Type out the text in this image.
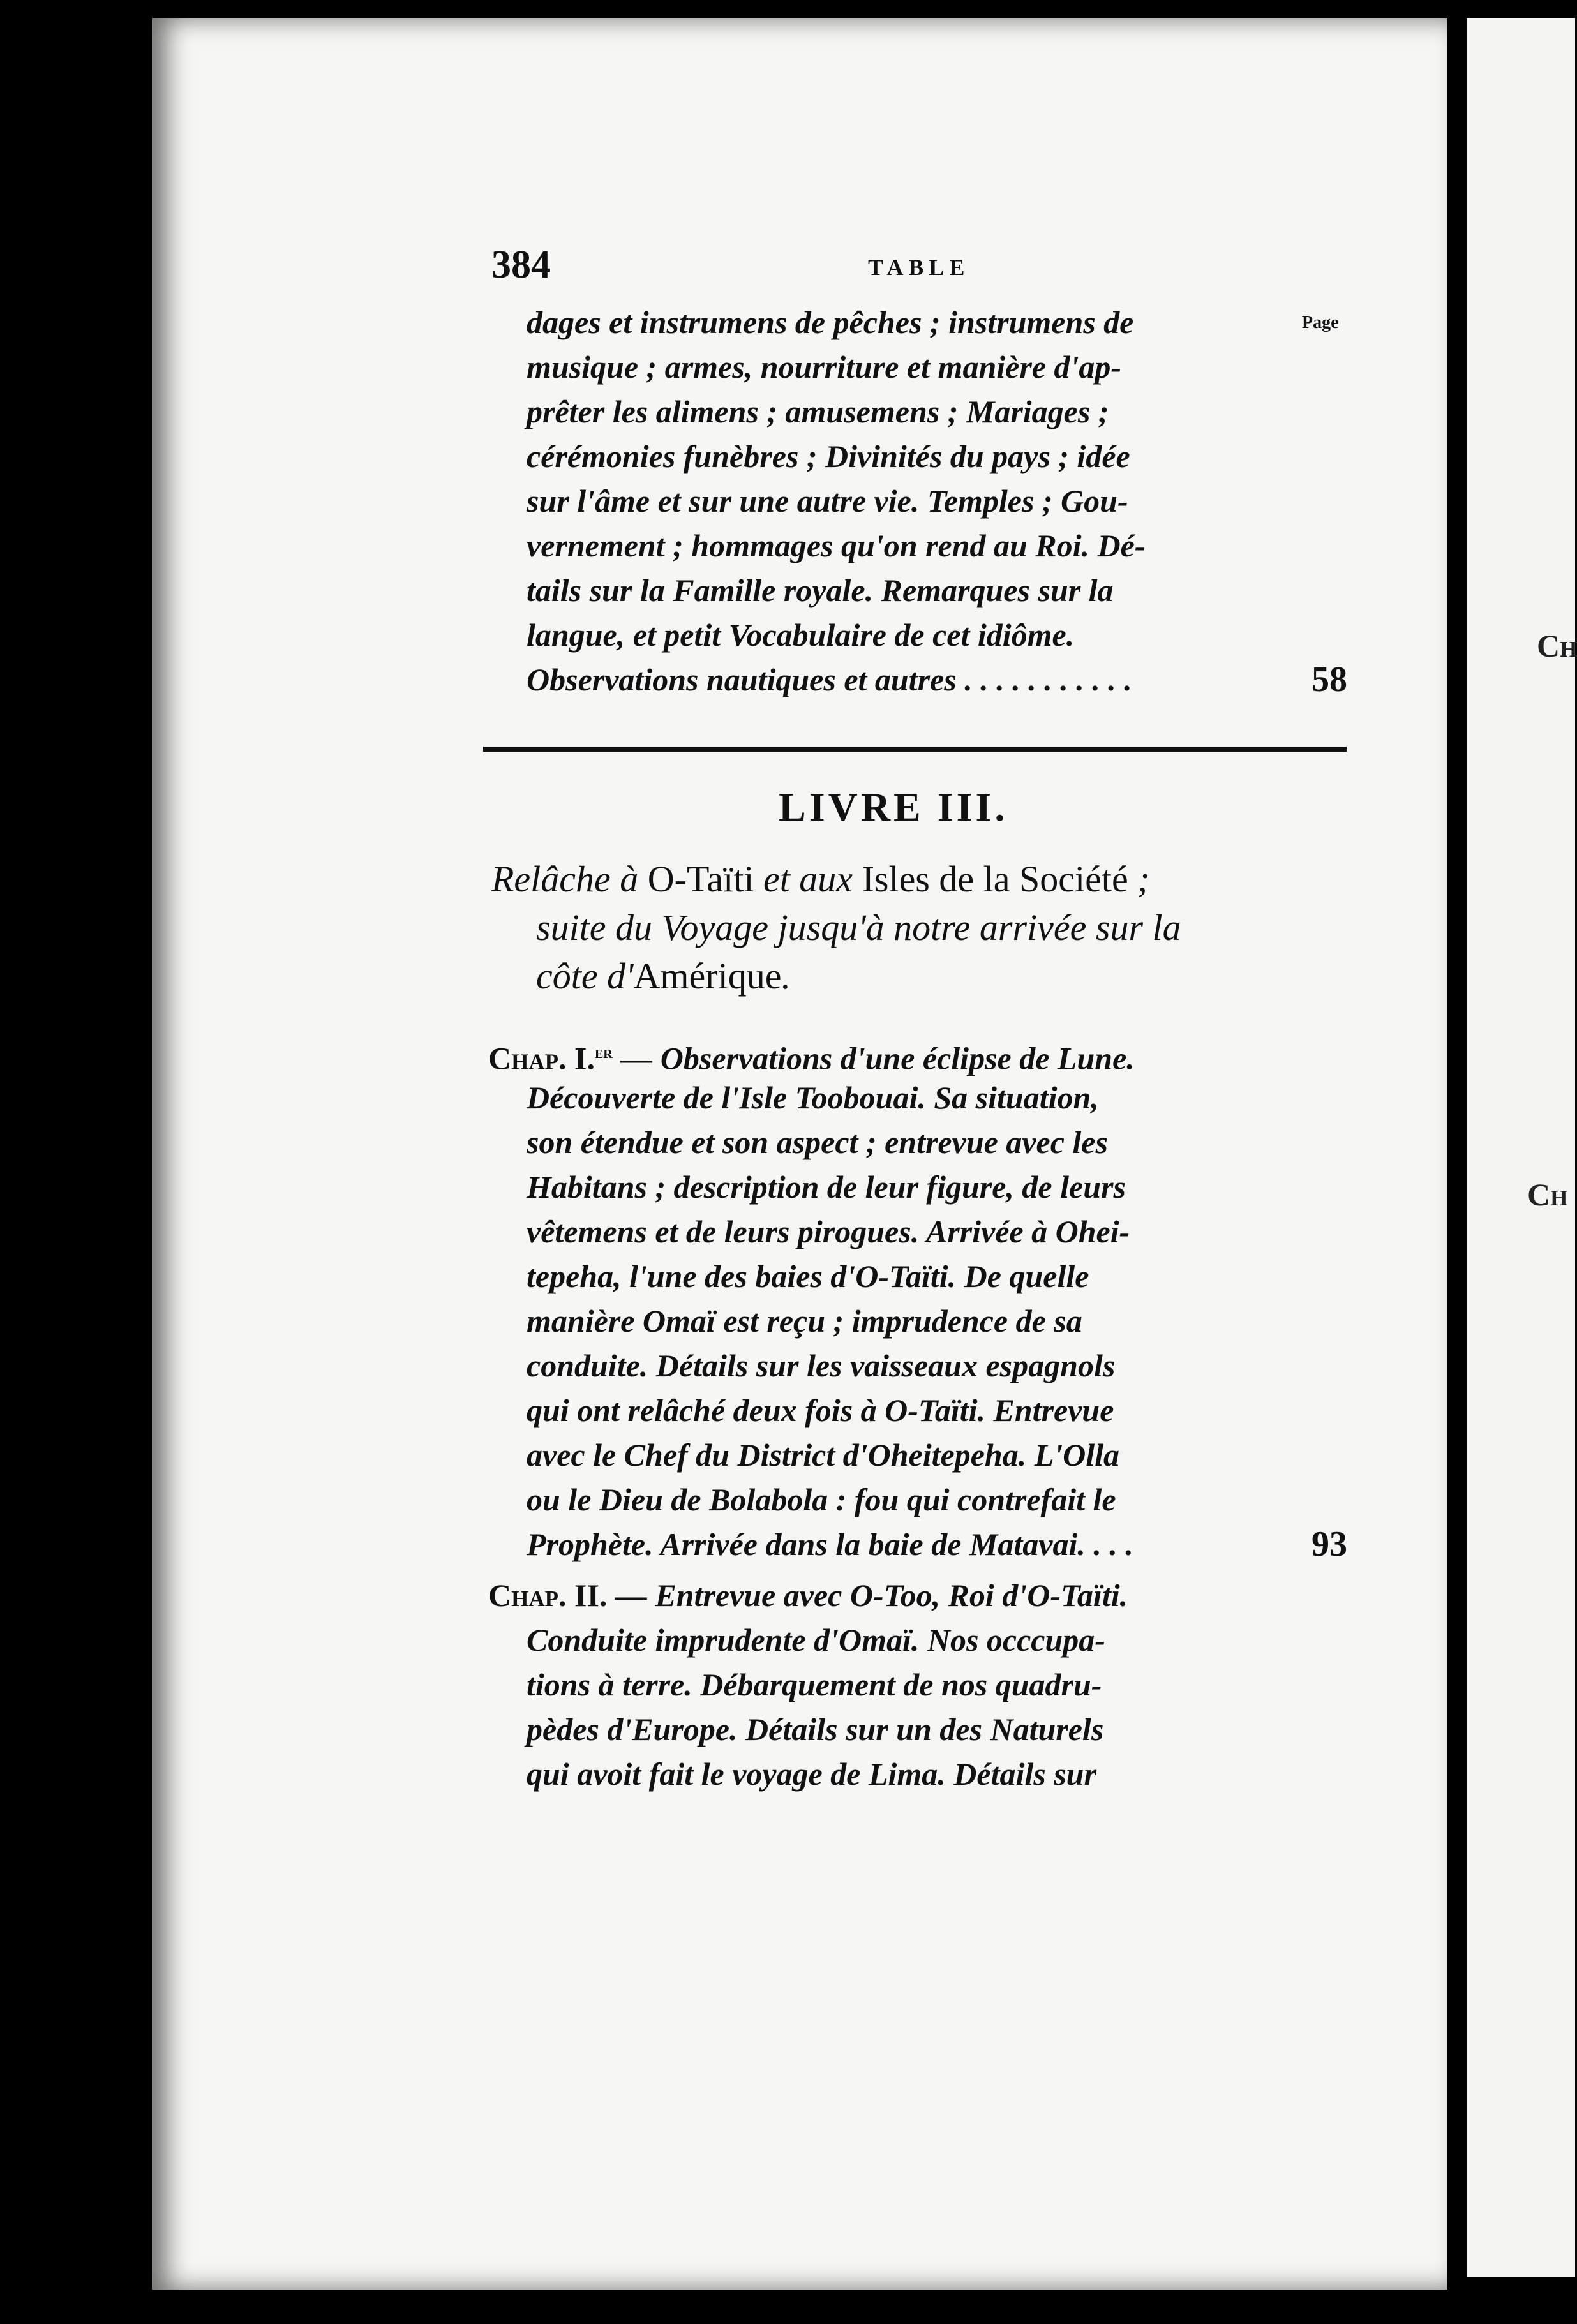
Ch
Ch
384	TABLE
Page
dages et instrumens de pêches ; instrumens de
musique ; armes, nourriture et manière d'ap-
prêter les alimens ; amusemens ; Mariages ;
cérémonies funèbres ; Divinités du pays ; idée
sur l'âme et sur une autre vie. Temples ; Gou-
vernement ; hommages qu'on rend au Roi. Dé-
tails sur la Famille royale. Remarques sur la
langue, et petit Vocabulaire de cet idiôme.
Observations nautiques et autres . . . . . . . . . . .	58
LIVRE III.
Relâche à O-Taïti et aux Isles de la Société ;
suite du Voyage jusqu'à notre arrivée sur la
côte d'Amérique.
Chap. I.$^{er}$ — Observations d'une éclipse de Lune.
Découverte de l'Isle Toobouai. Sa situation,
son étendue et son aspect ; entrevue avec les
Habitans ; description de leur figure, de leurs
vêtemens et de leurs pirogues. Arrivée à Ohei-
tepeha, l'une des baies d'O-Taïti. De quelle
manière Omaï est reçu ; imprudence de sa
conduite. Détails sur les vaisseaux espagnols
qui ont relâché deux fois à O-Taïti. Entrevue
avec le Chef du District d'Oheitepeha. L'Olla
ou le Dieu de Bolabola : fou qui contrefait le
Prophète. Arrivée dans la baie de Matavai. . . .	93
Chap. II. — Entrevue avec O-Too, Roi d'O-Taïti.
Conduite imprudente d'Omaï. Nos occcupa-
tions à terre. Débarquement de nos quadru-
pèdes d'Europe. Détails sur un des Naturels
qui avoit fait le voyage de Lima. Détails sur
